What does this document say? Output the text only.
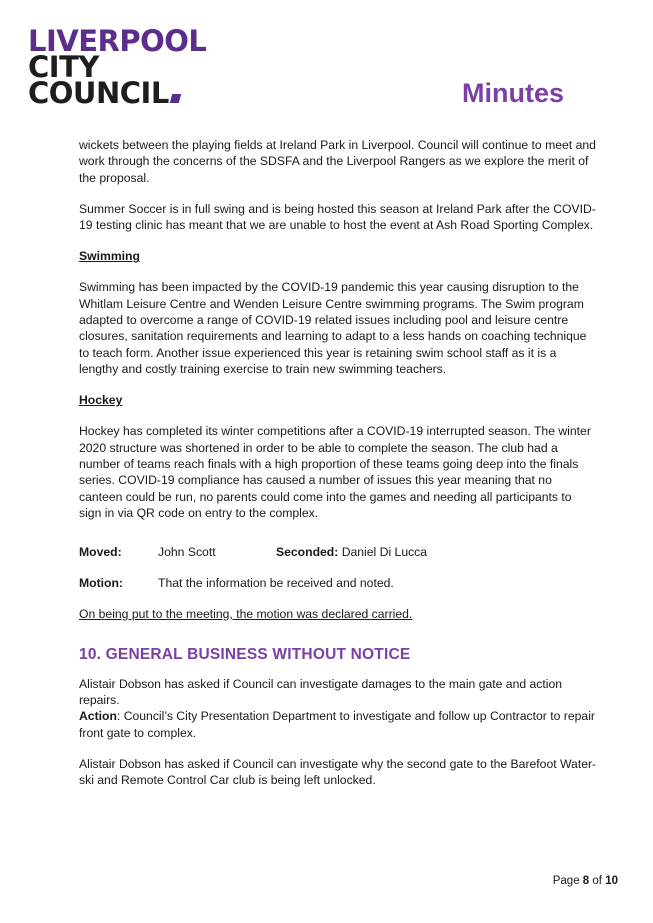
LIVERPOOL
CITY
COUNCIL	Minutes

wickets between the playing fields at Ireland Park in Liverpool. Council will continue to meet and work through the concerns of the SDSFA and the Liverpool Rangers as we explore the merit of the proposal.

Summer Soccer is in full swing and is being hosted this season at Ireland Park after the COVID-19 testing clinic has meant that we are unable to host the event at Ash Road Sporting Complex.

Swimming

Swimming has been impacted by the COVID-19 pandemic this year causing disruption to the Whitlam Leisure Centre and Wenden Leisure Centre swimming programs. The Swim program adapted to overcome a range of COVID-19 related issues including pool and leisure centre closures, sanitation requirements and learning to adapt to a less hands on coaching technique to teach form. Another issue experienced this year is retaining swim school staff as it is a lengthy and costly training exercise to train new swimming teachers.

Hockey

Hockey has completed its winter competitions after a COVID-19 interrupted season. The winter 2020 structure was shortened in order to be able to complete the season. The club had a number of teams reach finals with a high proportion of these teams going deep into the finals series. COVID-19 compliance has caused a number of issues this year meaning that no canteen could be run, no parents could come into the games and needing all participants to sign in via QR code on entry to the complex.

Moved:	John Scott	Seconded: Daniel Di Lucca
Motion:	That the information be received and noted.
On being put to the meeting, the motion was declared carried.
10. GENERAL BUSINESS WITHOUT NOTICE

Alistair Dobson has asked if Council can investigate damages to the main gate and action repairs.
Action: Council’s City Presentation Department to investigate and follow up Contractor to repair front gate to complex.

Alistair Dobson has asked if Council can investigate why the second gate to the Barefoot Water-ski and Remote Control Car club is being left unlocked.

Page 8 of 10
